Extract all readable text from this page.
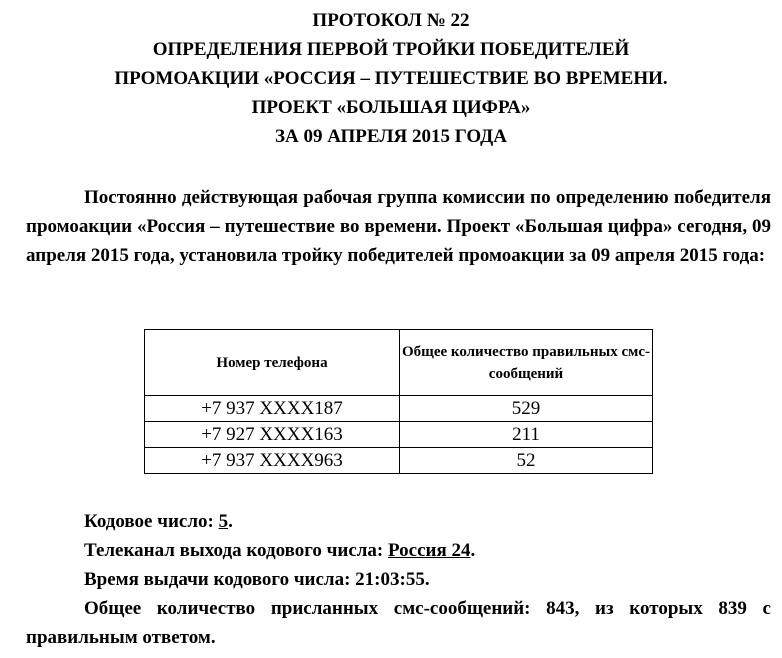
ПРОТОКОЛ № 22
ОПРЕДЕЛЕНИЯ ПЕРВОЙ ТРОЙКИ ПОБЕДИТЕЛЕЙ
ПРОМОАКЦИИ «РОССИЯ – ПУТЕШЕСТВИЕ ВО ВРЕМЕНИ.
ПРОЕКТ «БОЛЬШАЯ ЦИФРА»
ЗА 09 АПРЕЛЯ 2015 ГОДА
Постоянно действующая рабочая группа комиссии по определению победителя промоакции «Россия – путешествие во времени. Проект «Большая цифра» сегодня, 09 апреля 2015 года, установила тройку победителей промоакции за 09 апреля 2015 года:
Номер телефона	Общее количество правильных смс-сообщений
+7 937 XXXX187	529
+7 927 XXXX163	211
+7 937 XXXX963	52
Кодовое число: 5.
Телеканал выхода кодового числа: Россия 24.
Время выдачи кодового числа: 21:03:55.
Общее количество присланных смс-сообщений: 843, из которых 839 с правильным ответом.
